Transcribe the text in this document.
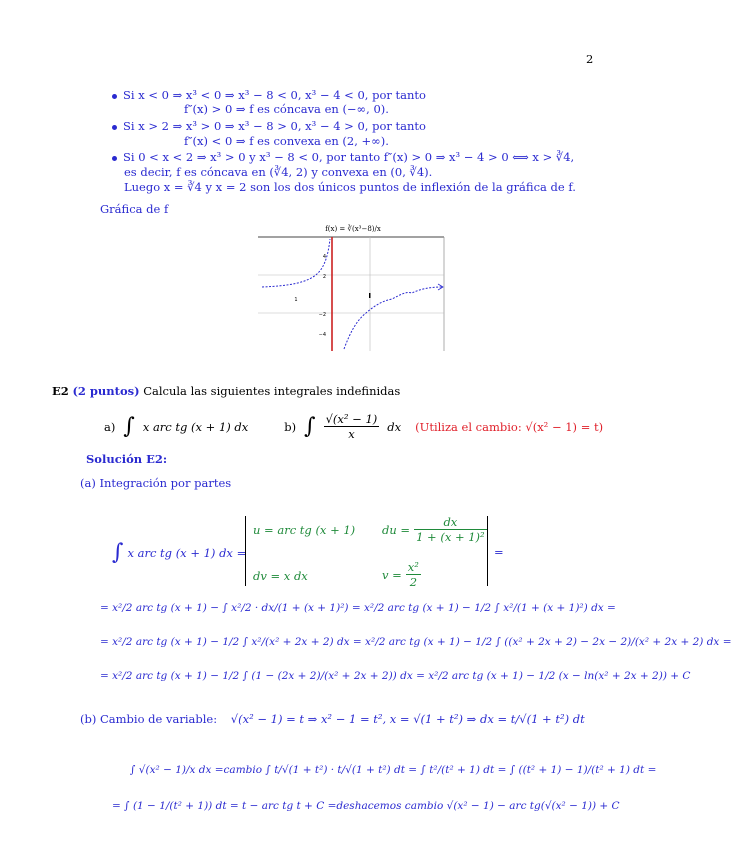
2
Si x < 0 ⇒ x³ < 0 ⇒ x³ − 8 < 0, x³ − 4 < 0, por tanto
f″(x) > 0 ⇒ f es cóncava en (−∞, 0).
Si x > 2 ⇒ x³ > 0 ⇒ x³ − 8 > 0, x³ − 4 > 0, por tanto
f″(x) < 0 ⇒ f es convexa en (2, +∞).
Si 0 < x < 2 ⇒ x³ > 0 y x³ − 8 < 0, por tanto f″(x) > 0 ⇒ x³ − 4 > 0 ⟺ x > ∛4,
es decir, f es cóncava en (∛4, 2) y convexa en (0, ∛4).
Luego x = ∛4 y x = 2 son los dos únicos puntos de inflexión de la gráfica de f.
Gráfica de f
f(x) = ∛(x³−8)/x
4
2
−2
−4
1
E2 (2 puntos) Calcula las siguientes integrales indefinidas
a) ∫ x arc tg (x + 1) dx	b) ∫ $\frac{\text{√(x² − 1)}}{x}$ dx (Utiliza el cambio: √(x² − 1) = t)
Solución E2:
(a) Integración por partes
∫ x arc tg (x + 1) dx =	=
u = arc tg (x + 1) du = $\frac{dx}{\text{1 + (x + 1)²}}$
dv = x dx	$v = \frac{\text{x²}}{2}$
= x²/2 arc tg (x + 1) − ∫ x²/2 · dx/(1 + (x + 1)²) = x²/2 arc tg (x + 1) − 1/2 ∫ x²/(1 + (x + 1)²) dx =
= x²/2 arc tg (x + 1) − 1/2 ∫ x²/(x² + 2x + 2) dx = x²/2 arc tg (x + 1) − 1/2 ∫ ((x² + 2x + 2) − 2x − 2)/(x² + 2x + 2) dx =
= x²/2 arc tg (x + 1) − 1/2 ∫ (1 − (2x + 2)/(x² + 2x + 2)) dx = x²/2 arc tg (x + 1) − 1/2 (x − ln(x² + 2x + 2)) + C
(b) Cambio de variable: √(x² − 1) = t ⇒ x² − 1 = t², x = √(1 + t²) ⇒ dx = t/√(1 + t²) dt
∫ √(x² − 1)/x dx =cambio ∫ t/√(1 + t²) · t/√(1 + t²) dt = ∫ t²/(t² + 1) dt = ∫ ((t² + 1) − 1)/(t² + 1) dt =
= ∫ (1 − 1/(t² + 1)) dt = t − arc tg t + C =deshacemos cambio √(x² − 1) − arc tg(√(x² − 1)) + C
